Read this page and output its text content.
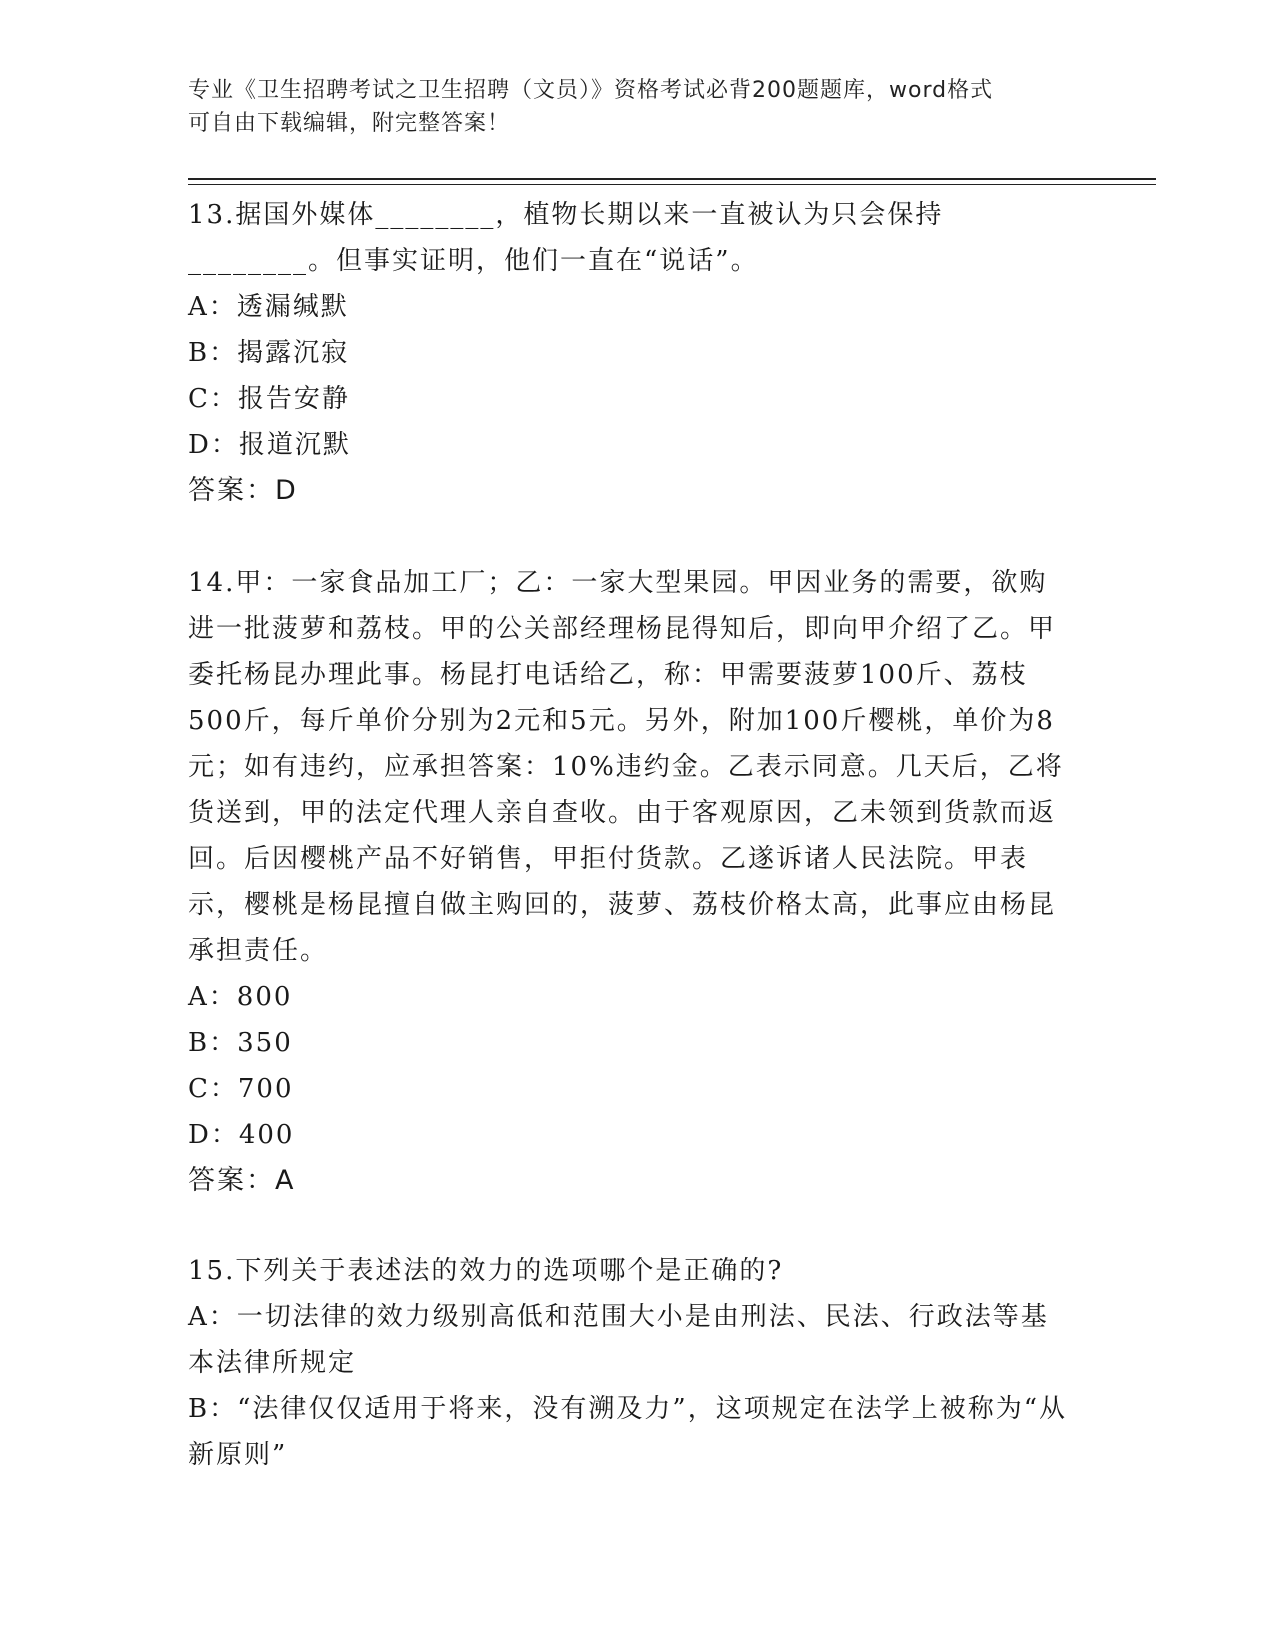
专业《卫生招聘考试之卫生招聘（文员）》资格考试必背200题题库，word格式
可自由下载编辑，附完整答案！

13.据国外媒体________，植物长期以来一直被认为只会保持________。但事实证明，他们一直在“说话”。

A：透漏缄默

B：揭露沉寂

C：报告安静

D：报道沉默

答案：D

14.甲：一家食品加工厂；乙：一家大型果园。甲因业务的需要，欲购进一批菠萝和荔枝。甲的公关部经理杨昆得知后，即向甲介绍了乙。甲委托杨昆办理此事。杨昆打电话给乙，称：甲需要菠萝100斤、荔枝500斤，每斤单价分别为2元和5元。另外，附加100斤樱桃，单价为8元；如有违约，应承担答案：10%违约金。乙表示同意。几天后，乙将货送到，甲的法定代理人亲自查收。由于客观原因，乙未领到货款而返回。后因樱桃产品不好销售，甲拒付货款。乙遂诉诸人民法院。甲表示，樱桃是杨昆擅自做主购回的，菠萝、荔枝价格太高，此事应由杨昆承担责任。

A：800

B：350

C：700

D：400

答案：A

15.下列关于表述法的效力的选项哪个是正确的?

A：一切法律的效力级别高低和范围大小是由刑法、民法、行政法等基本法律所规定

B：“法律仅仅适用于将来，没有溯及力”，这项规定在法学上被称为“从新原则”
